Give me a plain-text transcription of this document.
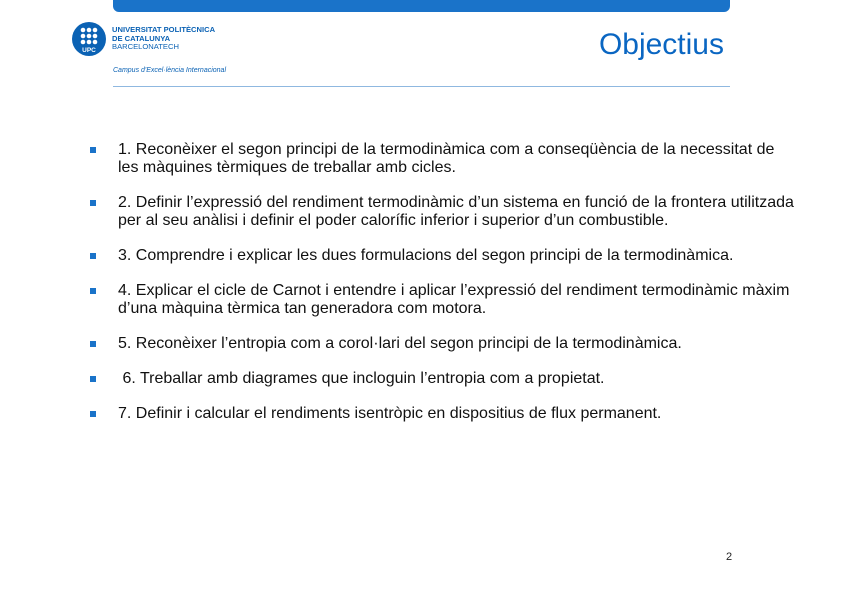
UPC
UNIVERSITAT POLITÈCNICA
DE CATALUNYA
BARCELONATECH
Campus d'Excel·lència Internacional
Objectius
1. Reconèixer el segon principi de la termodinàmica com a conseqüència de la necessitat de les màquines tèrmiques de treballar amb cicles.
2. Definir l’expressió del rendiment termodinàmic d’un sistema en funció de la frontera utilitzada per al seu anàlisi i definir el poder calorífic inferior i superior d’un combustible.
3. Comprendre i explicar les dues formulacions del segon principi de la termodinàmica.
4. Explicar el cicle de Carnot i entendre i aplicar l’expressió del rendiment termodinàmic màxim d’una màquina tèrmica tan generadora com motora.
5. Reconèixer l’entropia com a corol·lari del segon principi de la termodinàmica.
6. Treballar amb diagrames que incloguin l’entropia com a propietat.
7. Definir i calcular el rendiments isentròpic en dispositius de flux permanent.
2
